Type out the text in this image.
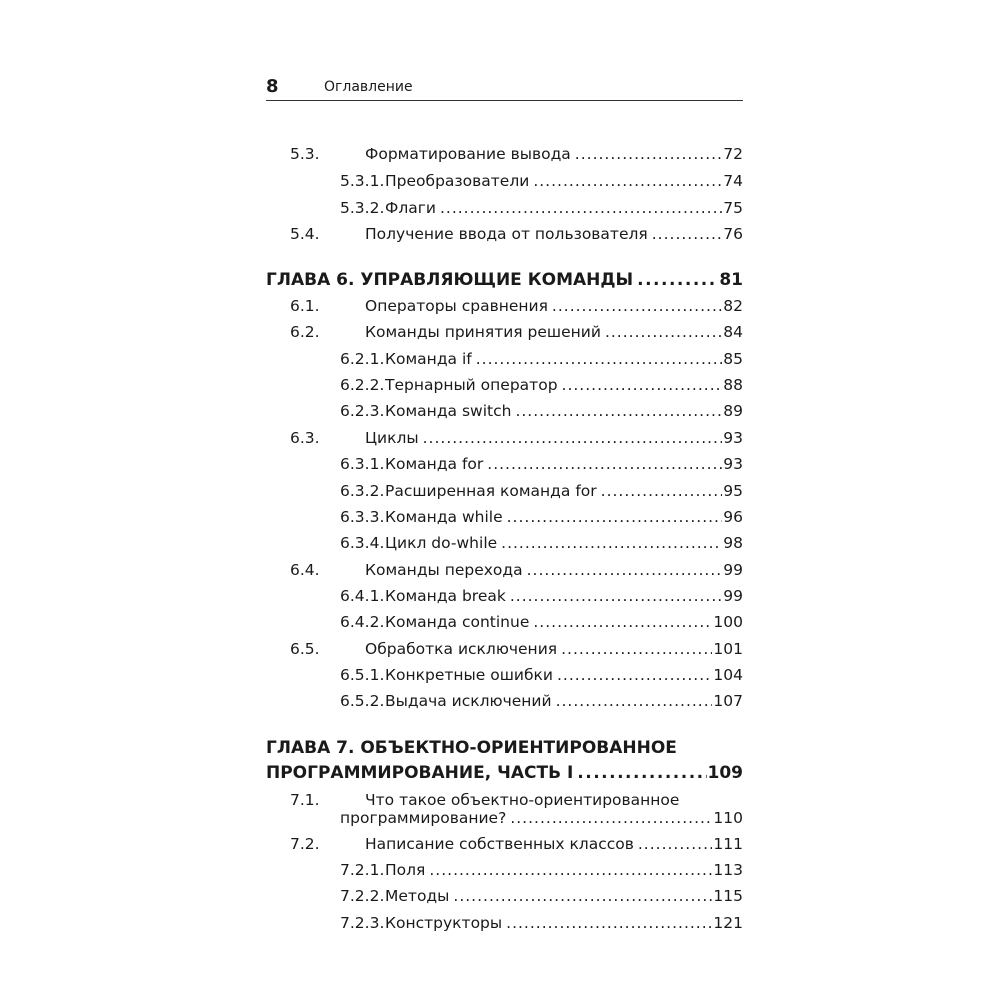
8	Оглавление
5.3.	Форматирование вывода .....	72
5.3.1. Преобразователи .....	74
5.3.2. Флаги .....	75
5.4.	Получение ввода от пользователя .....	76
ГЛАВА 6. УПРАВЛЯЮЩИЕ КОМАНДЫ .....	81
6.1.	Операторы сравнения .....	82
6.2.	Команды принятия решений .....	84
6.2.1. Команда if .....	85
6.2.2. Тернарный оператор .....	88
6.2.3. Команда switch .....	89
6.3.	Циклы .....	93
6.3.1. Команда for .....	93
6.3.2. Расширенная команда for .....	95
6.3.3. Команда while .....	96
6.3.4. Цикл do-while .....	98
6.4.	Команды перехода .....	99
6.4.1. Команда break .....	99
6.4.2. Команда continue .....	100
6.5.	Обработка исключения .....	101
6.5.1. Конкретные ошибки .....	104
6.5.2. Выдача исключений .....	107
ГЛАВА 7. ОБЪЕКТНО-ОРИЕНТИРОВАННОЕ
ПРОГРАММИРОВАНИЕ, ЧАСТЬ I .....	109
7.1.	Что такое объектно-ориентированное
программирование? .....	110
7.2.	Написание собственных классов .....	111
7.2.1. Поля .....	113
7.2.2. Методы .....	115
7.2.3. Конструкторы .....	121
